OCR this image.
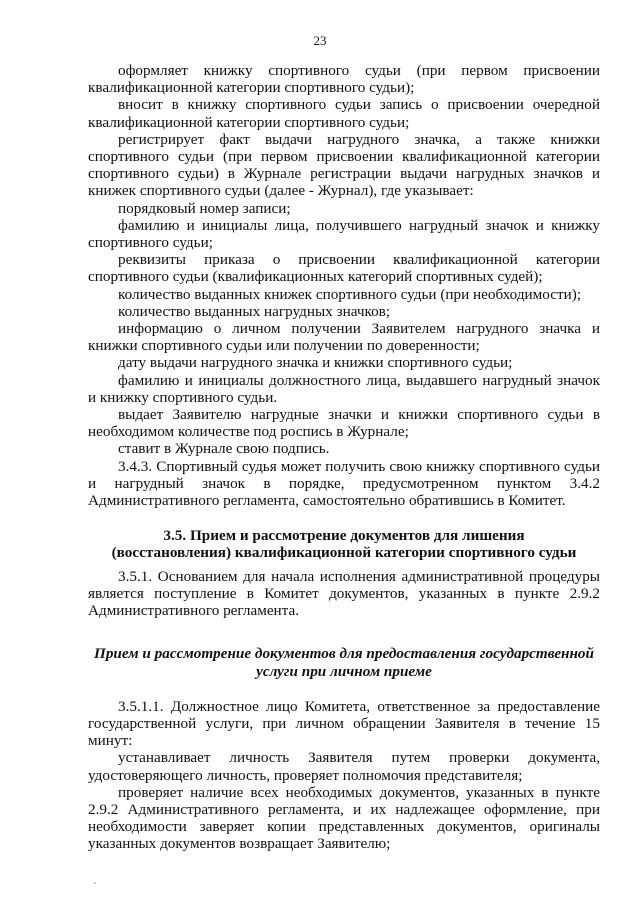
23

оформляет книжку спортивного судьи (при первом присвоении квалификационной категории спортивного судьи);

вносит в книжку спортивного судьи запись о присвоении очередной квалификационной категории спортивного судьи;

регистрирует факт выдачи нагрудного значка, а также книжки спортивного судьи (при первом присвоении квалификационной категории спортивного судьи) в Журнале регистрации выдачи нагрудных значков и книжек спортивного судьи (далее - Журнал), где указывает:

порядковый номер записи;

фамилию и инициалы лица, получившего нагрудный значок и книжку спортивного судьи;

реквизиты приказа о присвоении квалификационной категории спортивного судьи (квалификационных категорий спортивных судей);

количество выданных книжек спортивного судьи (при необходимости);

количество выданных нагрудных значков;

информацию о личном получении Заявителем нагрудного значка и книжки спортивного судьи или получении по доверенности;

дату выдачи нагрудного значка и книжки спортивного судьи;

фамилию и инициалы должностного лица, выдавшего нагрудный значок и книжку спортивного судьи.

выдает Заявителю нагрудные значки и книжки спортивного судьи в необходимом количестве под роспись в Журнале;

ставит в Журнале свою подпись.

3.4.3. Спортивный судья может получить свою книжку спортивного судьи и нагрудный значок в порядке, предусмотренном пунктом 3.4.2 Административного регламента, самостоятельно обратившись в Комитет.

3.5. Прием и рассмотрение документов для лишения

(восстановления) квалификационной категории спортивного судьи

3.5.1. Основанием для начала исполнения административной процедуры является поступление в Комитет документов, указанных в пункте 2.9.2 Административного регламента.

Прием и рассмотрение документов для предоставления государственной

услуги при личном приеме

3.5.1.1. Должностное лицо Комитета, ответственное за предоставление государственной услуги, при личном обращении Заявителя в течение 15 минут:

устанавливает личность Заявителя путем проверки документа, удостоверяющего личность, проверяет полномочия представителя;

проверяет наличие всех необходимых документов, указанных в пункте 2.9.2 Административного регламента, и их надлежащее оформление, при необходимости заверяет копии представленных документов, оригиналы указанных документов возвращает Заявителю;
